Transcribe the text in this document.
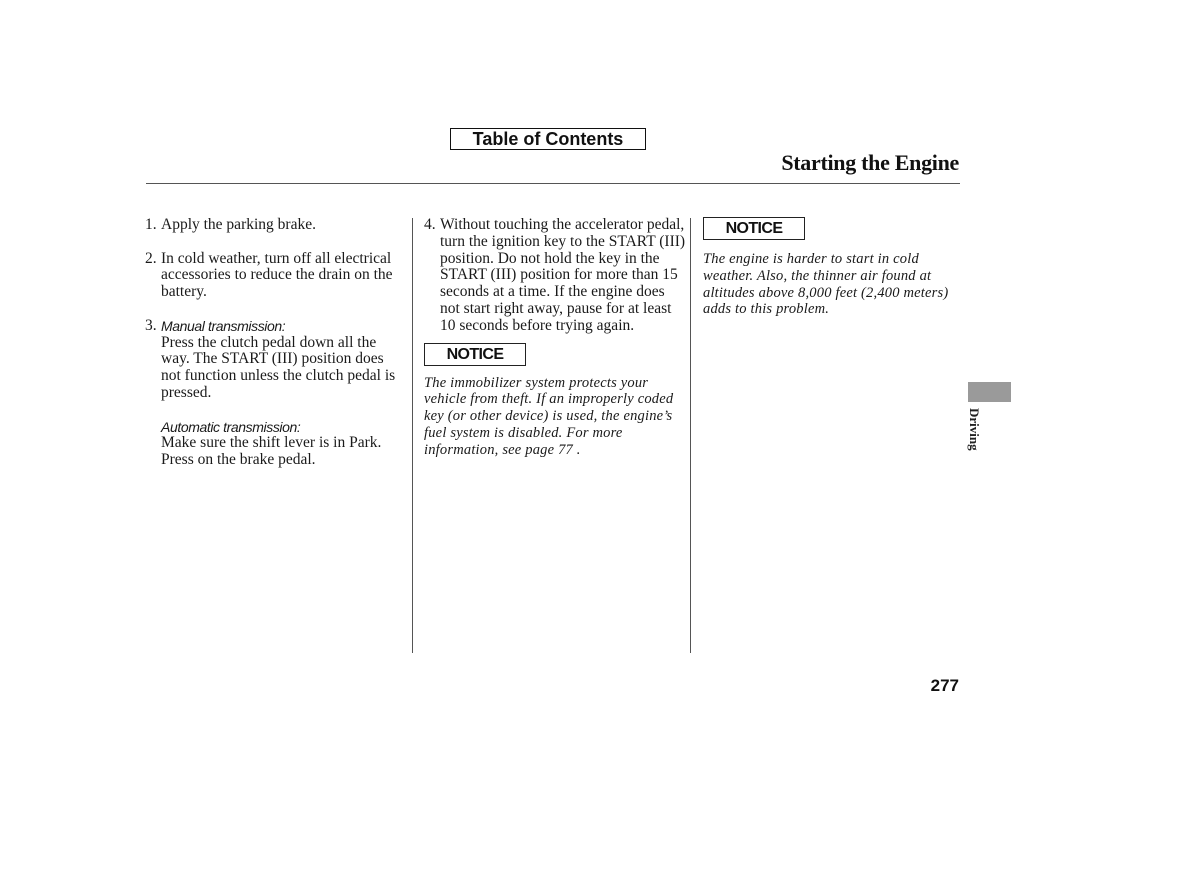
Table of Contents
Starting the Engine
1. Apply the parking brake.
2. In cold weather, turn off all electrical accessories to reduce the drain on the battery.
3. Manual transmission:
Press the clutch pedal down all the way. The START (III) position does not function unless the clutch pedal is pressed.
Automatic transmission:
Make sure the shift lever is in Park. Press on the brake pedal.
4. Without touching the accelerator pedal, turn the ignition key to the START (III) position. Do not hold the key in the START (III) position for more than 15 seconds at a time. If the engine does not start right away, pause for at least 10 seconds before trying again.
NOTICE
The immobilizer system protects your vehicle from theft. If an improperly coded key (or other device) is used, the engine’s fuel system is disabled. For more information, see page 77 .
NOTICE
The engine is harder to start in cold weather. Also, the thinner air found at altitudes above 8,000 feet (2,400 meters) adds to this problem.
Driving
277
